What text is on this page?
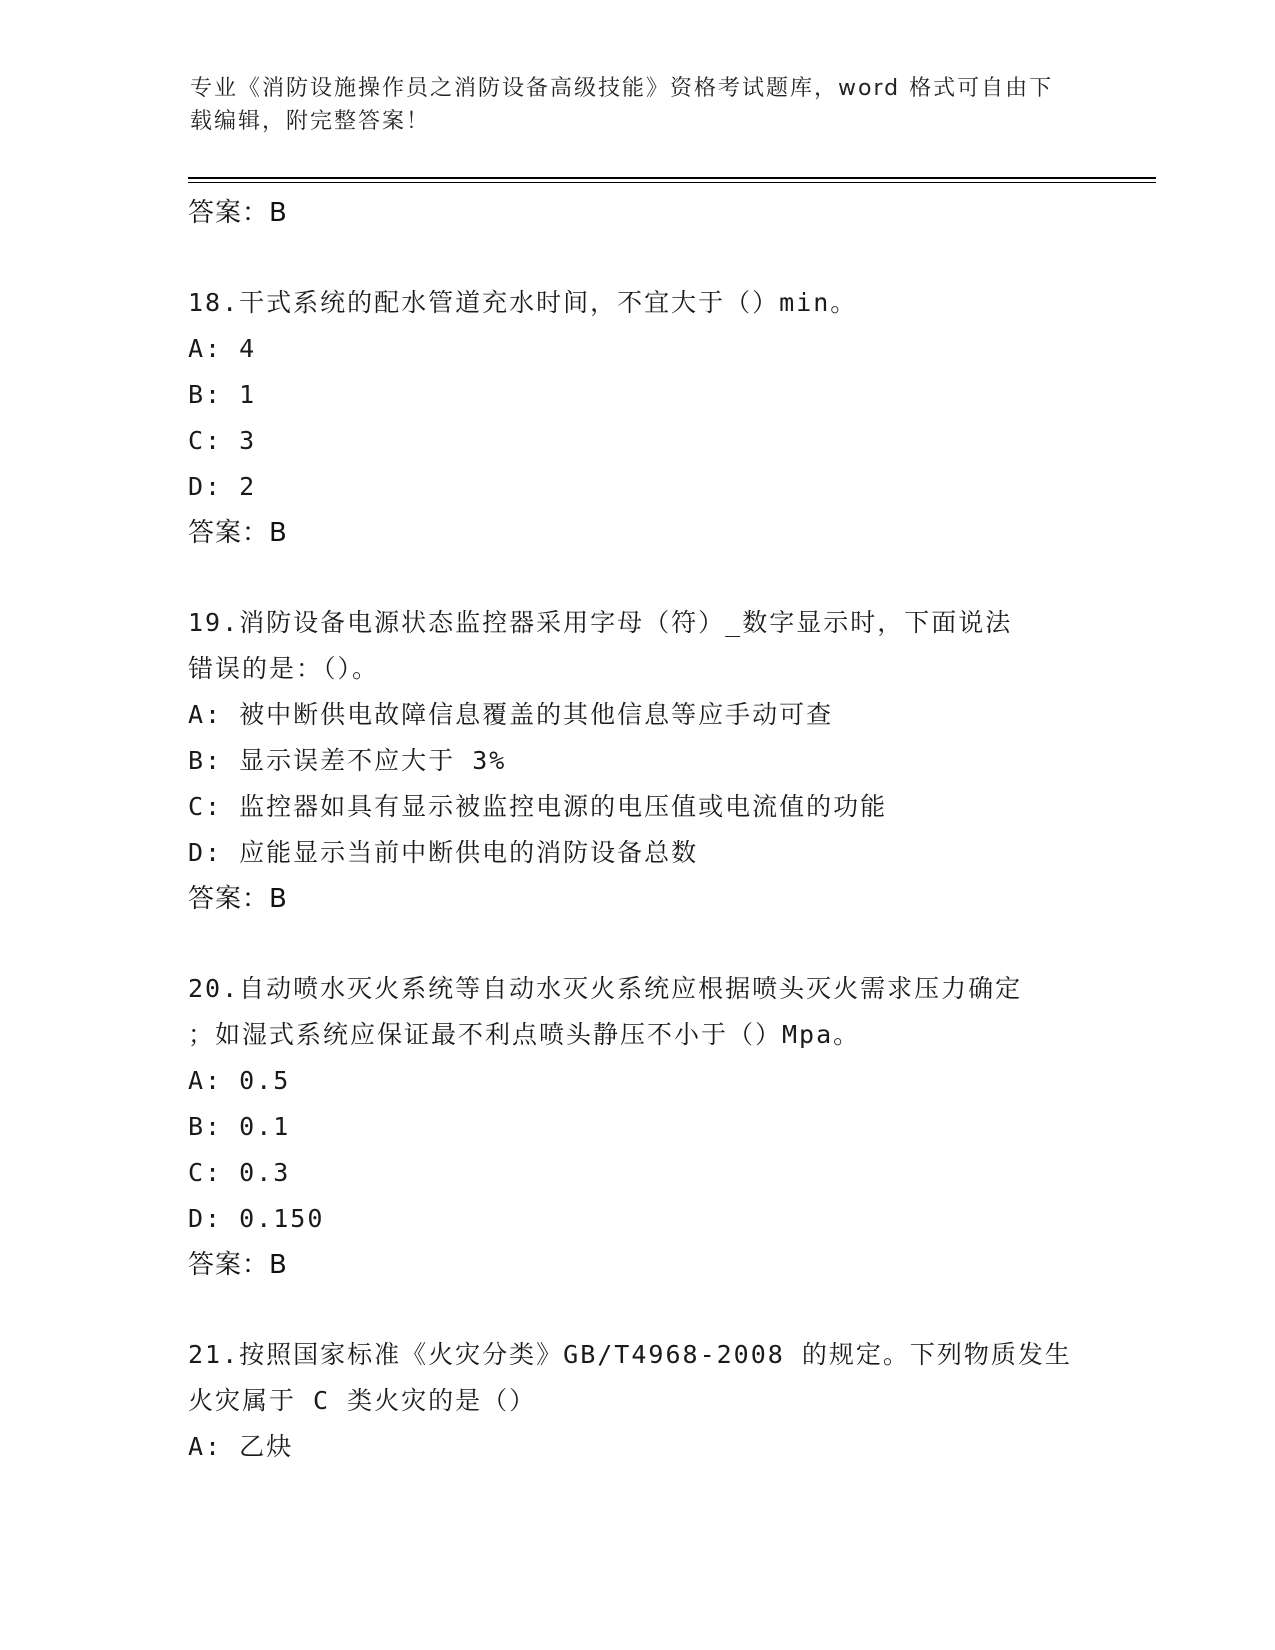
专业《消防设施操作员之消防设备高级技能》资格考试题库，word 格式可自由下
载编辑，附完整答案！
答案：B
18.干式系统的配水管道充水时间，不宜大于（）min。
A: 4
B: 1
C: 3
D: 2
答案：B
19.消防设备电源状态监控器采用字母（符）_数字显示时，下面说法
错误的是：（）。
A: 被中断供电故障信息覆盖的其他信息等应手动可查
B: 显示误差不应大于 3%
C: 监控器如具有显示被监控电源的电压值或电流值的功能
D: 应能显示当前中断供电的消防设备总数
答案：B
20.自动喷水灭火系统等自动水灭火系统应根据喷头灭火需求压力确定
；如湿式系统应保证最不利点喷头静压不小于（）Mpa。
A: 0.5
B: 0.1
C: 0.3
D: 0.150
答案：B
21.按照国家标准《火灾分类》GB/T4968-2008 的规定。下列物质发生
火灾属于 C 类火灾的是（）
A: 乙炔
